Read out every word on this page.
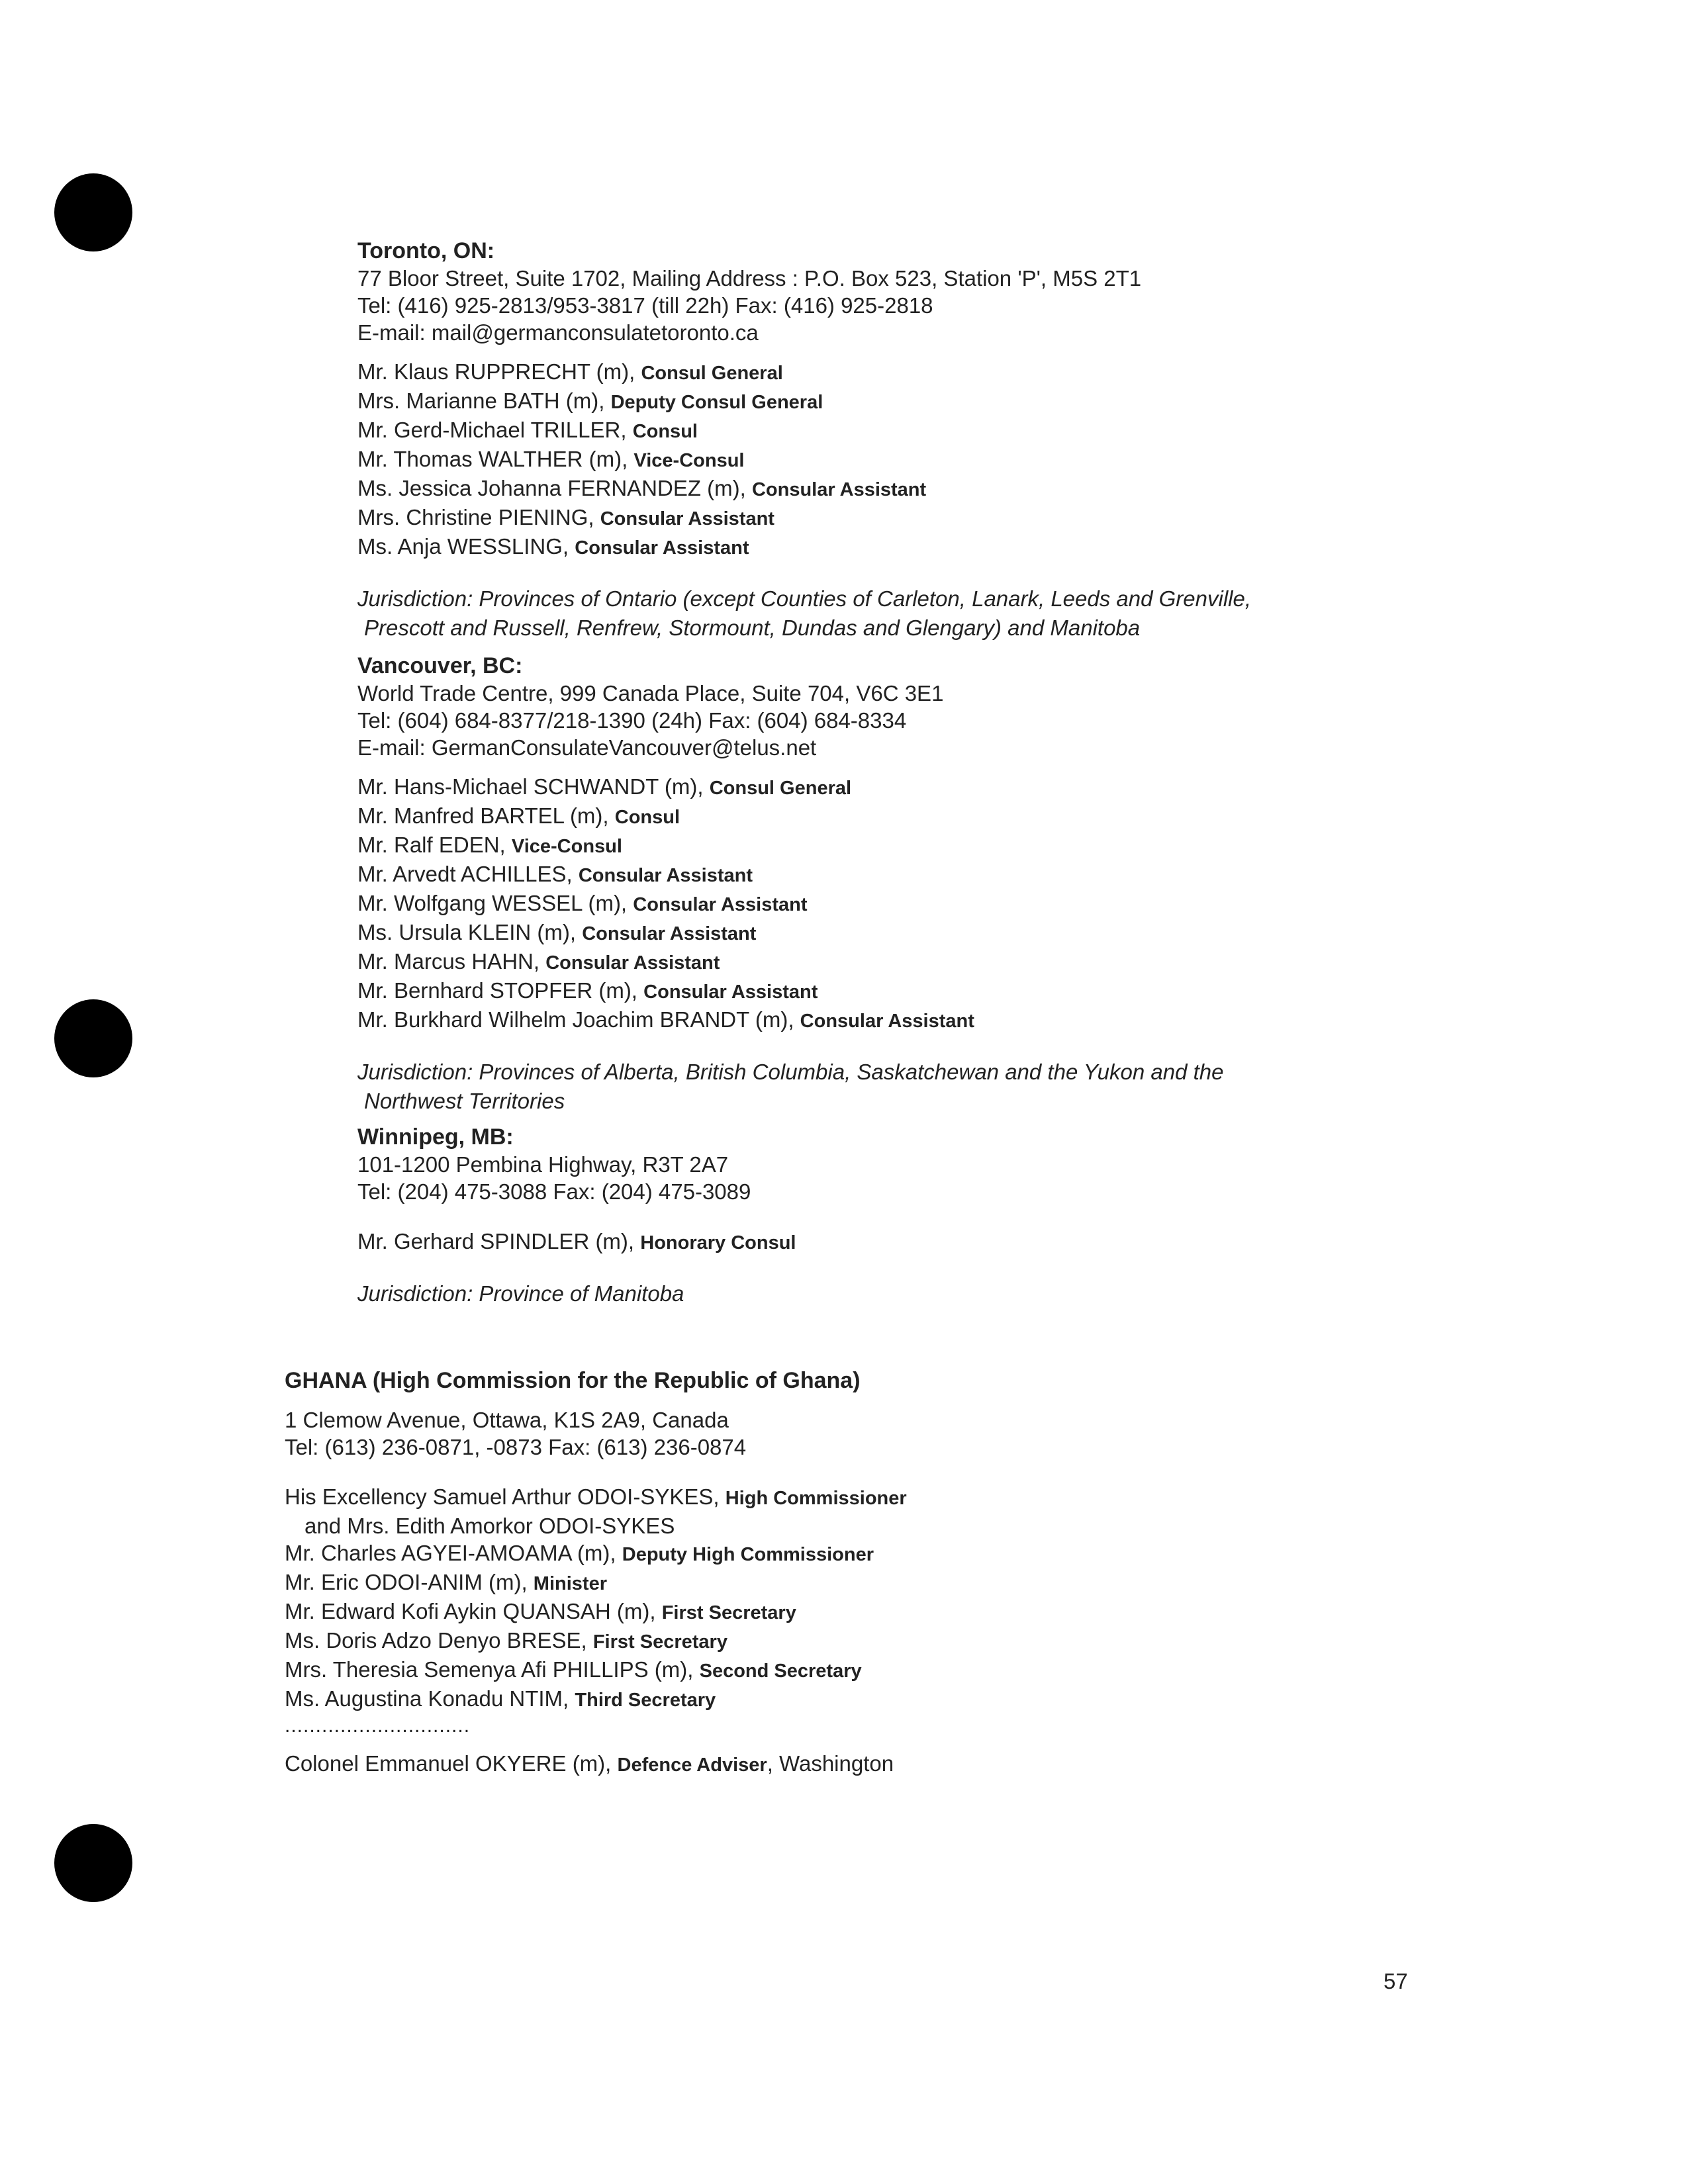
Toronto, ON:
77 Bloor Street, Suite 1702, Mailing Address : P.O. Box 523, Station 'P', M5S 2T1
Tel: (416) 925-2813/953-3817 (till 22h) Fax: (416) 925-2818
E-mail: mail@germanconsulatetoronto.ca
Mr. Klaus RUPPRECHT (m), Consul General
Mrs. Marianne BATH (m), Deputy Consul General
Mr. Gerd-Michael TRILLER, Consul
Mr. Thomas WALTHER (m), Vice-Consul
Ms. Jessica Johanna FERNANDEZ (m), Consular Assistant
Mrs. Christine PIENING, Consular Assistant
Ms. Anja WESSLING, Consular Assistant
Jurisdiction: Provinces of Ontario (except Counties of Carleton, Lanark, Leeds and Grenville,
Prescott and Russell, Renfrew, Stormount, Dundas and Glengary) and Manitoba
Vancouver, BC:
World Trade Centre, 999 Canada Place, Suite 704, V6C 3E1
Tel: (604) 684-8377/218-1390 (24h) Fax: (604) 684-8334
E-mail: GermanConsulateVancouver@telus.net
Mr. Hans-Michael SCHWANDT (m), Consul General
Mr. Manfred BARTEL (m), Consul
Mr. Ralf EDEN, Vice-Consul
Mr. Arvedt ACHILLES, Consular Assistant
Mr. Wolfgang WESSEL (m), Consular Assistant
Ms. Ursula KLEIN (m), Consular Assistant
Mr. Marcus HAHN, Consular Assistant
Mr. Bernhard STOPFER (m), Consular Assistant
Mr. Burkhard Wilhelm Joachim BRANDT (m), Consular Assistant
Jurisdiction: Provinces of Alberta, British Columbia, Saskatchewan and the Yukon and the
Northwest Territories
Winnipeg, MB:
101-1200 Pembina Highway, R3T 2A7
Tel: (204) 475-3088 Fax: (204) 475-3089
Mr. Gerhard SPINDLER (m), Honorary Consul
Jurisdiction: Province of Manitoba
GHANA (High Commission for the Republic of Ghana)
1 Clemow Avenue, Ottawa, K1S 2A9, Canada
Tel: (613) 236-0871, -0873 Fax: (613) 236-0874
His Excellency Samuel Arthur ODOI-SYKES, High Commissioner
and Mrs. Edith Amorkor ODOI-SYKES
Mr. Charles AGYEI-AMOAMA (m), Deputy High Commissioner
Mr. Eric ODOI-ANIM (m), Minister
Mr. Edward Kofi Aykin QUANSAH (m), First Secretary
Ms. Doris Adzo Denyo BRESE, First Secretary
Mrs. Theresia Semenya Afi PHILLIPS (m), Second Secretary
Ms. Augustina Konadu NTIM, Third Secretary
..............................
Colonel Emmanuel OKYERE (m), Defence Adviser, Washington
57
